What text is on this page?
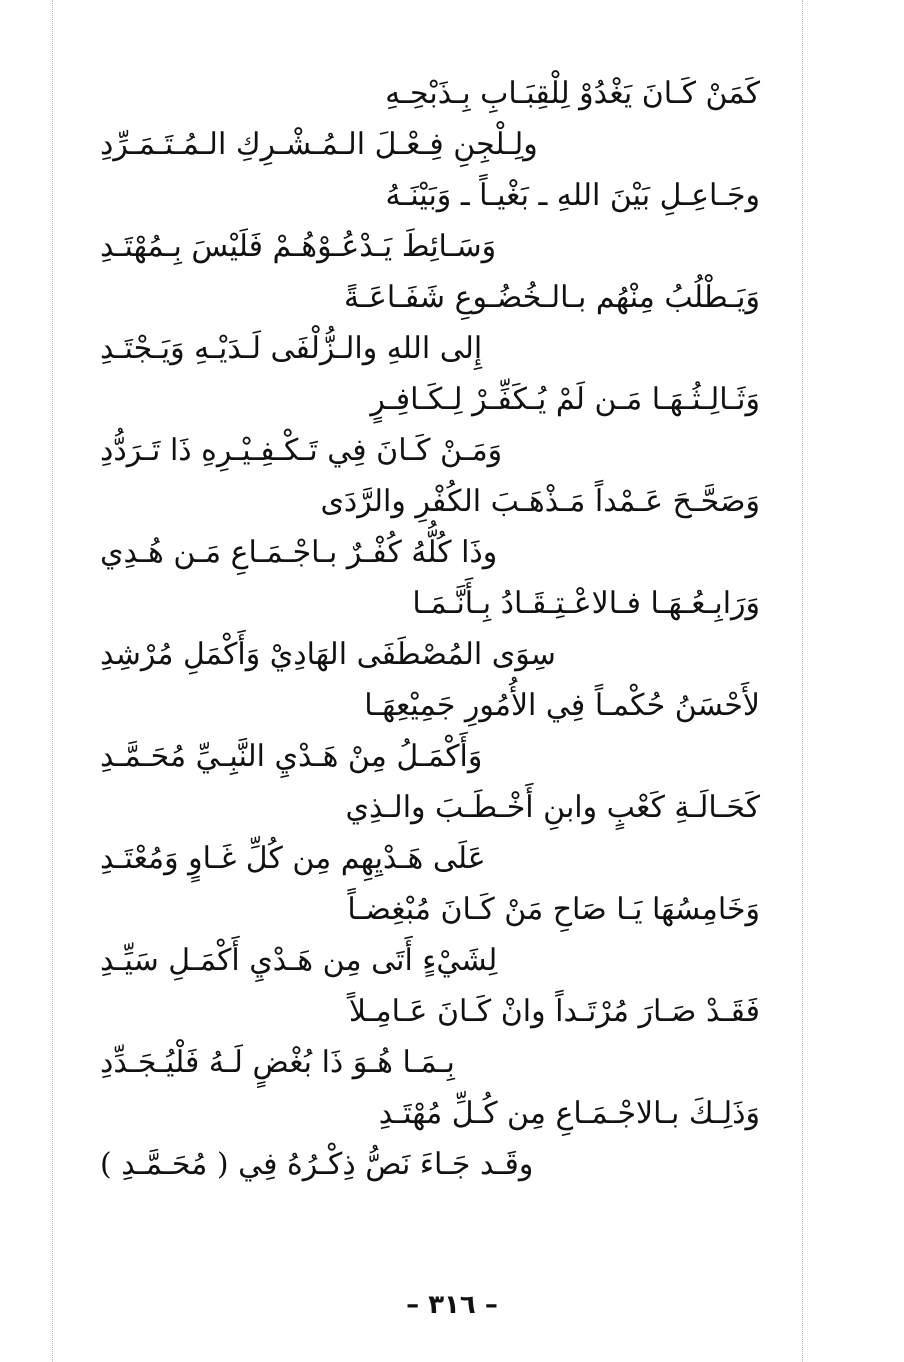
كَمَنْ كَـانَ يَغْدُوْ لِلْقِبَـابِ بِـذَبْحِـهِ
ولِـلْجِنِ فِـعْـلَ الـمُـشْـرِكِ الـمُـتَـمَـرِّدِ
وجَـاعِـلِ بَيْنَ اللهِ ـ بَغْيـاً ـ وَبَيْنَـهُ
وَسَـائِطَ يَـدْعُـوْهُـمْ فَلَيْسَ بِـمُهْتَـدِ
وَيَـطْلُبُ مِنْهُم بـالـخُضُـوعِ شَفَـاعَـةً
إِلى اللهِ والـزُّلْفَى لَـدَيْـهِ وَيَـجْتَـدِ
وَثَـالِـثُـهَـا مَـن لَمْ يُـكَفِّـرْ لِـكَـافِـرٍ
وَمَـنْ كَـانَ فِي تَـكْـفِـيْـرِهِ ذَا تَـرَدُّدِ
وَصَحَّـحَ عَـمْداً مَـذْهَـبَ الكُفْرِ والرَّدَى
وذَا كُلُّهُ كُفْـرٌ بـاجْـمَـاعِ مَـن هُـدِي
وَرَابِـعُـهَـا فـالاعْـتِـقَـادُ بِـأَنَّـمَـا
سِوَى المُصْطَفَى الهَادِيْ وَأَكْمَلِ مُرْشِدِ
لأَحْسَنُ حُكْمـاً فِي الأُمُورِ جَمِيْعِهَـا
وَأَكْمَـلُ مِنْ هَـدْيِ النَّبِـيِّ مُحَـمَّـدِ
كَحَـالَـةِ كَعْبٍ وابنِ أَخْـطَـبَ والـذِي
عَلَى هَـدْيِهِم مِن كُلِّ غَـاوٍ وَمُعْتَـدِ
وَخَامِسُهَا يَـا صَاحِ مَنْ كَـانَ مُبْغِضـاً
لِشَيْءٍ أَتَى مِن هَـدْيِ أَكْمَـلِ سَيِّـدِ
فَقَـدْ صَـارَ مُرْتَـداً وانْ كَـانَ عَـامِـلاً
بِـمَـا هُـوَ ذَا بُغْضٍ لَـهُ فَلْيُـجَـدِّدِ
وَذَلِـكَ بـالاجْـمَـاعِ مِن كُـلِّ مُهْتَـدِ
وقَـد جَـاءَ نَصُّ ذِكْـرُهُ فِي ( مُحَـمَّـدِ )
– ٣١٦ –
